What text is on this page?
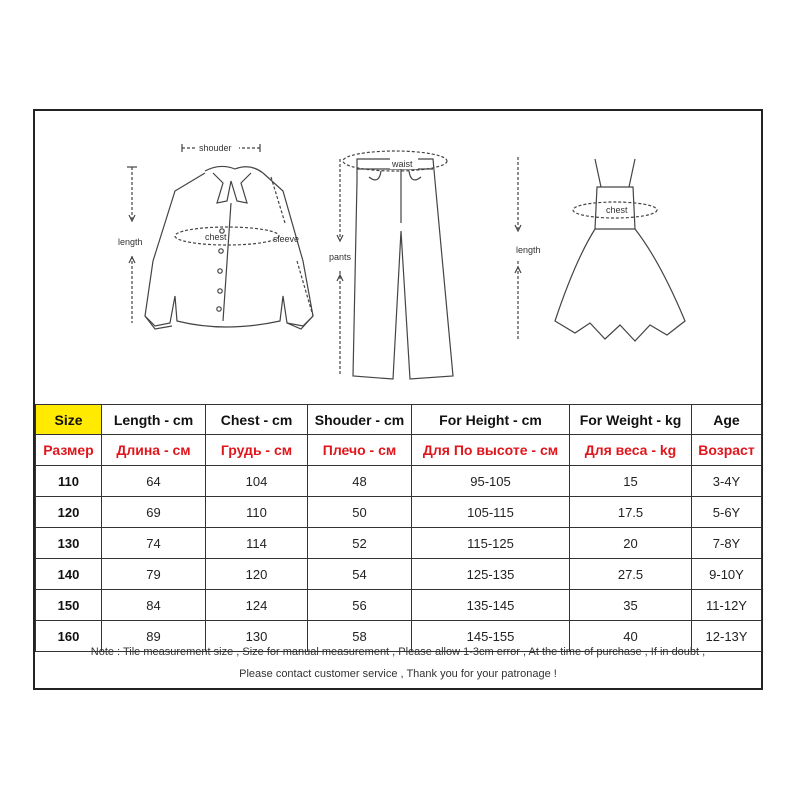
shouder
length	chest	sleeve
waist
pants
chest
length
Size	Length - cm	Chest - cm	Shouder - cm	For Height - cm	For Weight - kg	Age
Размер	Длина - см	Грудь - см	Плечо - см	Для По высоте - см	Для веса - kg	Возраст
110	64	104	48	95-105	15	3-4Y
120	69	110	50	105-115	17.5	5-6Y
130	74	114	52	115-125	20	7-8Y
140	79	120	54	125-135	27.5	9-10Y
150	84	124	56	135-145	35	11-12Y
160	89	130	58	145-155	40	12-13Y
Note : Tile measurement size , Size for manual measurement , Please allow 1-3cm error , At the time of purchase , If in doubt ,
Please contact customer service , Thank you for your patronage !
